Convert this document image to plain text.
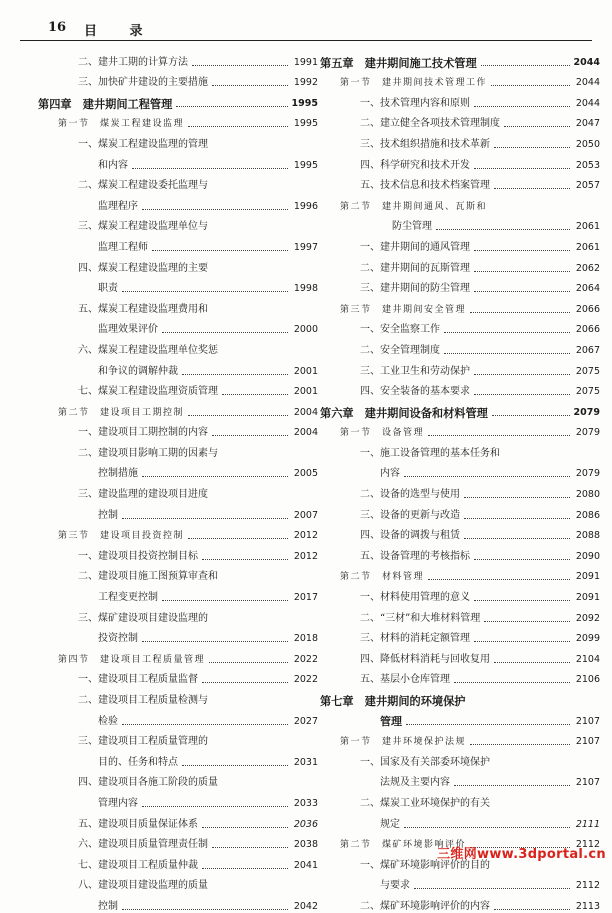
16 目 录
二、建井工期的计算方法	1991
三、加快矿井建设的主要措施	1992
第四章　建井期间工程管理	1995
第一节　煤炭工程建设监理	1995
一、煤炭工程建设监理的管理
和内容	1995
二、煤炭工程建设委托监理与
监理程序	1996
三、煤炭工程建设监理单位与
监理工程师	1997
四、煤炭工程建设监理的主要
职责	1998
五、煤炭工程建设监理费用和
监理效果评价	2000
六、煤炭工程建设监理单位奖惩
和争议的调解仲裁	2001
七、煤炭工程建设监理资质管理	2001
第二节　建设项目工期控制	2004
一、建设项目工期控制的内容	2004
二、建设项目影响工期的因素与
控制措施	2005
三、建设监理的建设项目进度
控制	2007
第三节　建设项目投资控制	2012
一、建设项目投资控制目标	2012
二、建设项目施工图预算审查和
工程变更控制	2017
三、煤矿建设项目建设监理的
投资控制	2018
第四节　建设项目工程质量管理	2022
一、建设项目工程质量监督	2022
二、建设项目工程质量检测与
检验	2027
三、建设项目工程质量管理的
目的、任务和特点	2031
四、建设项目各施工阶段的质量
管理内容	2033
五、建设项目质量保证体系	2036
六、建设项目质量管理责任制	2038
七、建设项目工程质量仲裁	2041
八、建设项目建设监理的质量
控制	2042
第五章　建井期间施工技术管理	2044
第一节　建井期间技术管理工作	2044
一、技术管理内容和原则	2044
二、建立健全各项技术管理制度	2047
三、技术组织措施和技术革新	2050
四、科学研究和技术开发	2053
五、技术信息和技术档案管理	2057
第二节　建井期间通风、瓦斯和
防尘管理	2061
一、建井期间的通风管理	2061
二、建井期间的瓦斯管理	2062
三、建井期间的防尘管理	2064
第三节　建井期间安全管理	2066
一、安全监察工作	2066
二、安全管理制度	2067
三、工业卫生和劳动保护	2075
四、安全装备的基本要求	2075
第六章　建井期间设备和材料管理	2079
第一节　设备管理	2079
一、施工设备管理的基本任务和
内容	2079
二、设备的选型与使用	2080
三、设备的更新与改造	2086
四、设备的调拨与租赁	2088
五、设备管理的考核指标	2090
第二节　材料管理	2091
一、材料使用管理的意义	2091
二、“三材”和大堆材料管理	2092
三、材料的消耗定额管理	2099
四、降低材料消耗与回收复用	2104
五、基层小仓库管理	2106
第七章　建井期间的环境保护
管理	2107
第一节　建井环境保护法规	2107
一、国家及有关部委环境保护
法规及主要内容	2107
二、煤炭工业环境保护的有关
规定	2111
第二节　煤矿环境影响评价	2112
一、煤矿环境影响评价的目的
与要求	2112
二、煤矿环境影响评价的内容	2113
三维网www.3dportal.cn
